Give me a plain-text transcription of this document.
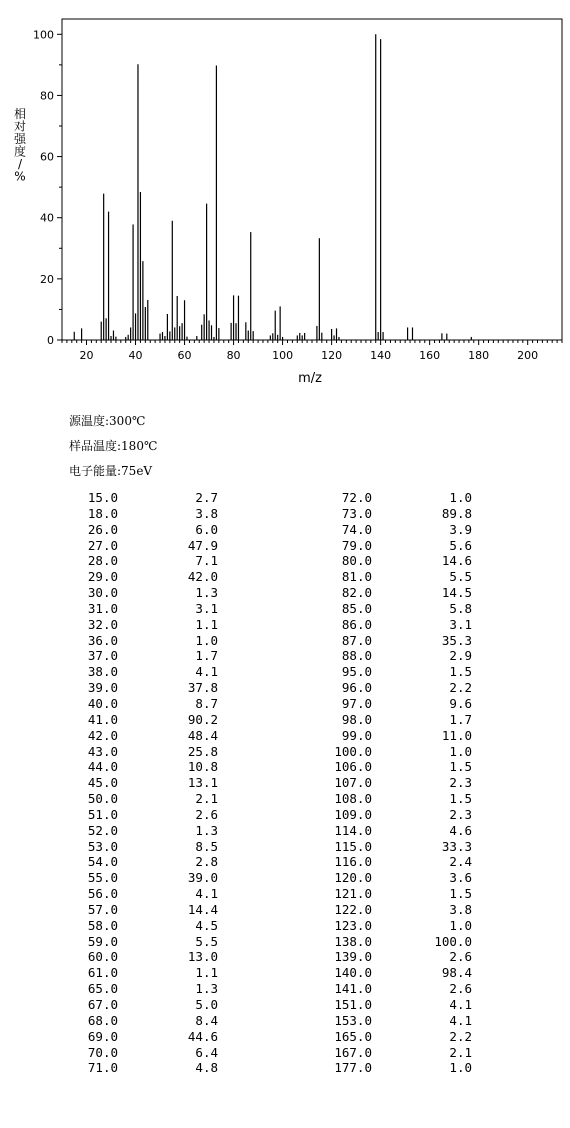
20	40	60	80	100	120	140	160	180	200
0
20
40
60
80
100
m/z
相对强度/ %
源温度:300℃
样品温度:180℃
电子能量:75eV
15.0	2.7
18.0	3.8
26.0	6.0
27.0	47.9
28.0	7.1
29.0	42.0
30.0	1.3
31.0	3.1
32.0	1.1
36.0	1.0
37.0	1.7
38.0	4.1
39.0	37.8
40.0	8.7
41.0	90.2
42.0	48.4
43.0	25.8
44.0	10.8
45.0	13.1
50.0	2.1
51.0	2.6
52.0	1.3
53.0	8.5
54.0	2.8
55.0	39.0
56.0	4.1
57.0	14.4
58.0	4.5
59.0	5.5
60.0	13.0
61.0	1.1
65.0	1.3
67.0	5.0
68.0	8.4
69.0	44.6
70.0	6.4
71.0	4.8
72.0	1.0
73.0	89.8
74.0	3.9
79.0	5.6
80.0	14.6
81.0	5.5
82.0	14.5
85.0	5.8
86.0	3.1
87.0	35.3
88.0	2.9
95.0	1.5
96.0	2.2
97.0	9.6
98.0	1.7
99.0	11.0
100.0	1.0
106.0	1.5
107.0	2.3
108.0	1.5
109.0	2.3
114.0	4.6
115.0	33.3
116.0	2.4
120.0	3.6
121.0	1.5
122.0	3.8
123.0	1.0
138.0	100.0
139.0	2.6
140.0	98.4
141.0	2.6
151.0	4.1
153.0	4.1
165.0	2.2
167.0	2.1
177.0	1.0
